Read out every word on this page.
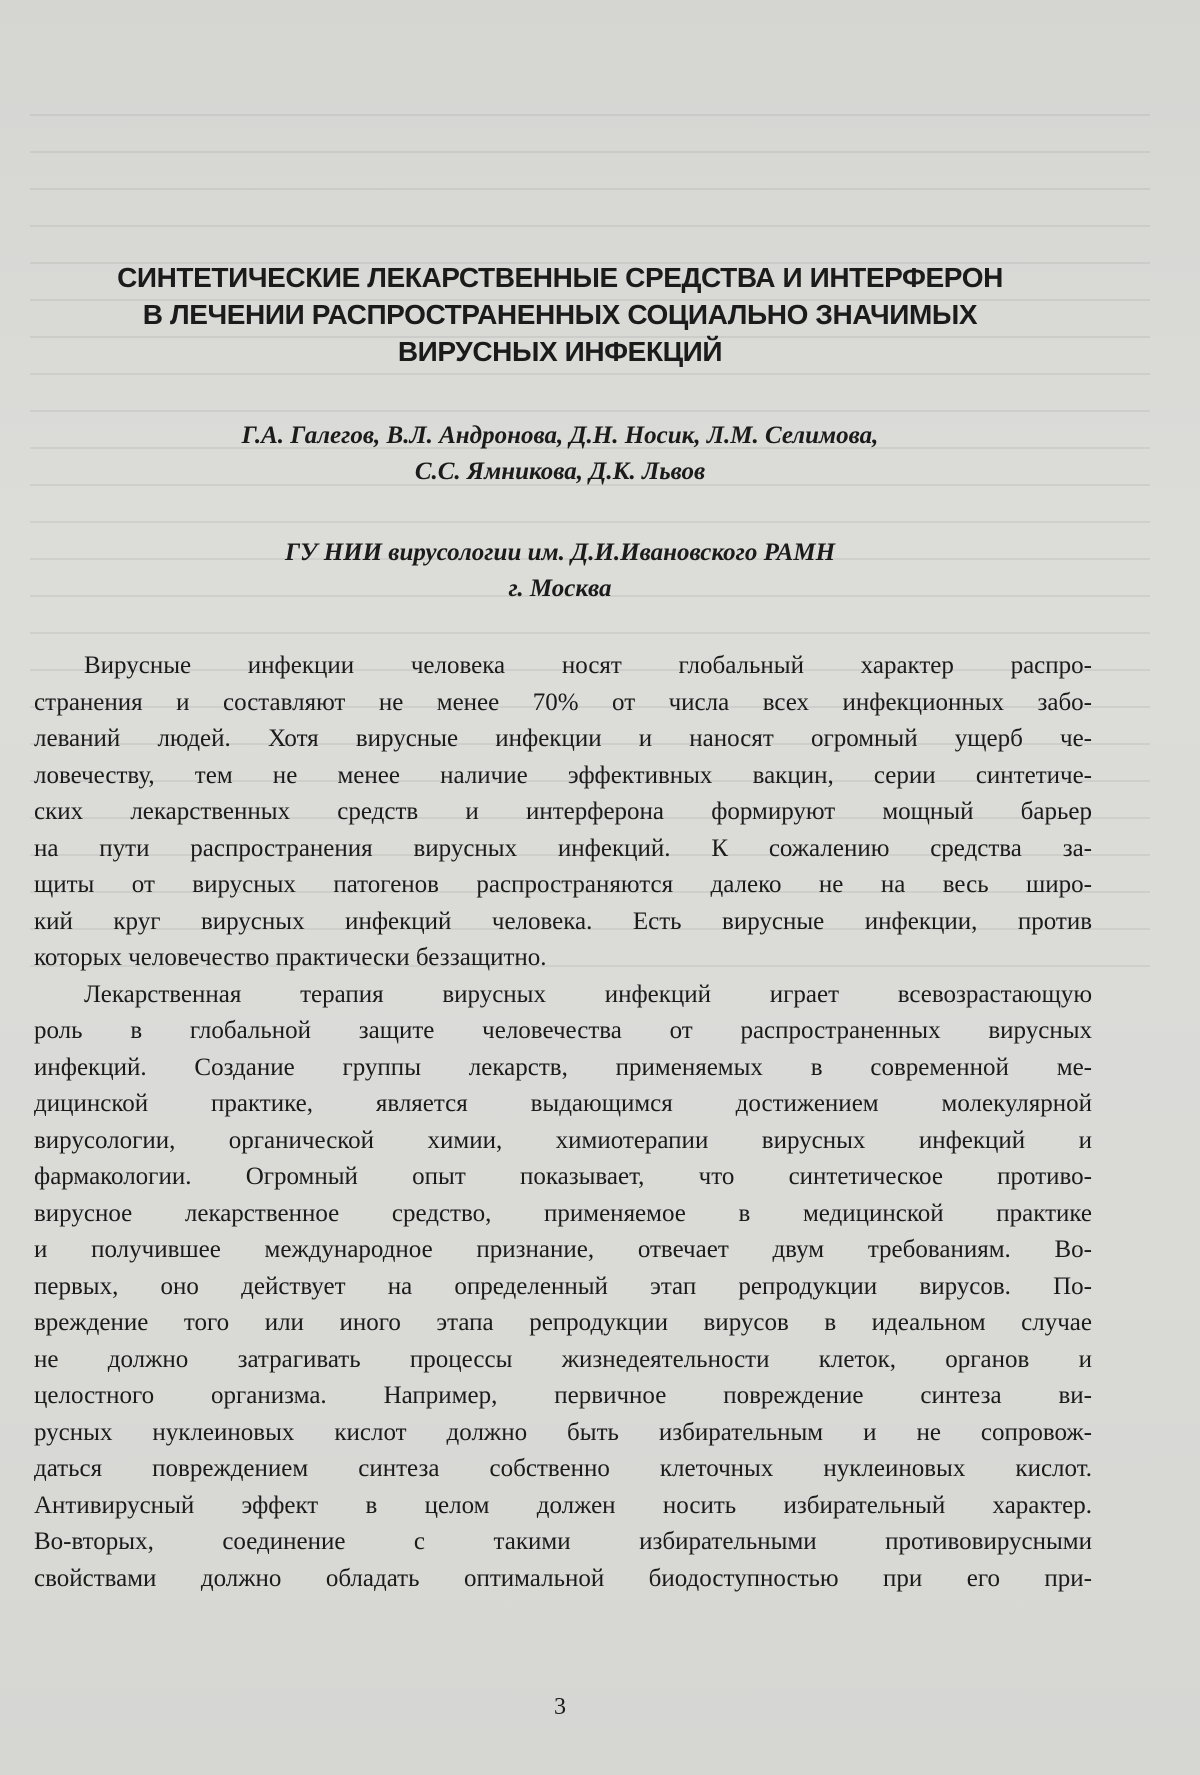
СИНТЕТИЧЕСКИЕ ЛЕКАРСТВЕННЫЕ СРЕДСТВА И ИНТЕРФЕРОН
В ЛЕЧЕНИИ РАСПРОСТРАНЕННЫХ СОЦИАЛЬНО ЗНАЧИМЫХ
ВИРУСНЫХ ИНФЕКЦИЙ
Г.А. Галегов, В.Л. Андронова, Д.Н. Носик, Л.М. Селимова,
С.С. Ямникова, Д.К. Львов
ГУ НИИ вирусологии им. Д.И.Ивановского РАМН
г. Москва
Вирусные инфекции человека носят глобальный характер распро-
странения и составляют не менее 70% от числа всех инфекционных забо-
леваний людей. Хотя вирусные инфекции и наносят огромный ущерб че-
ловечеству, тем не менее наличие эффективных вакцин, серии синтетиче-
ских лекарственных средств и интерферона формируют мощный барьер
на пути распространения вирусных инфекций. К сожалению средства за-
щиты от вирусных патогенов распространяются далеко не на весь широ-
кий круг вирусных инфекций человека. Есть вирусные инфекции, против
которых человечество практически беззащитно.
Лекарственная терапия вирусных инфекций играет всевозрастающую
роль в глобальной защите человечества от распространенных вирусных
инфекций. Создание группы лекарств, применяемых в современной ме-
дицинской практике, является выдающимся достижением молекулярной
вирусологии, органической химии, химиотерапии вирусных инфекций и
фармакологии. Огромный опыт показывает, что синтетическое противо-
вирусное лекарственное средство, применяемое в медицинской практике
и получившее международное признание, отвечает двум требованиям. Во-
первых, оно действует на определенный этап репродукции вирусов. По-
вреждение того или иного этапа репродукции вирусов в идеальном случае
не должно затрагивать процессы жизнедеятельности клеток, органов и
целостного организма. Например, первичное повреждение синтеза ви-
русных нуклеиновых кислот должно быть избирательным и не сопровож-
даться повреждением синтеза собственно клеточных нуклеиновых кислот.
Антивирусный эффект в целом должен носить избирательный характер.
Во-вторых, соединение с такими избирательными противовирусными
свойствами должно обладать оптимальной биодоступностью при его при-
3
